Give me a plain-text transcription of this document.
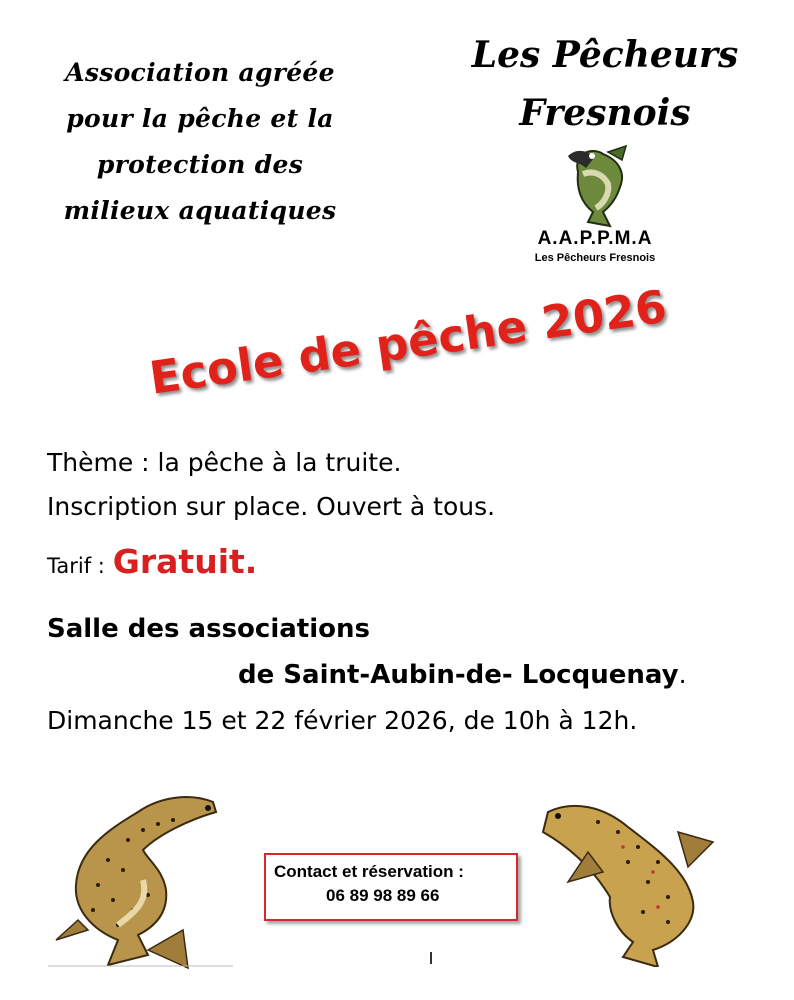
Association agréée
pour la pêche et la
protection des
milieux aquatiques
Les Pêcheurs
Fresnois
A.A.P.P.M.A
Les Pêcheurs Fresnois
Ecole de pêche 2026
Thème : la pêche à la truite.
Inscription sur place. Ouvert à tous.
Tarif : Gratuit.
Salle des associations
de Saint-Aubin-de- Locquenay.
Dimanche 15 et 22 février 2026, de 10h à 12h.
Contact et réservation :
06 89 98 89 66
